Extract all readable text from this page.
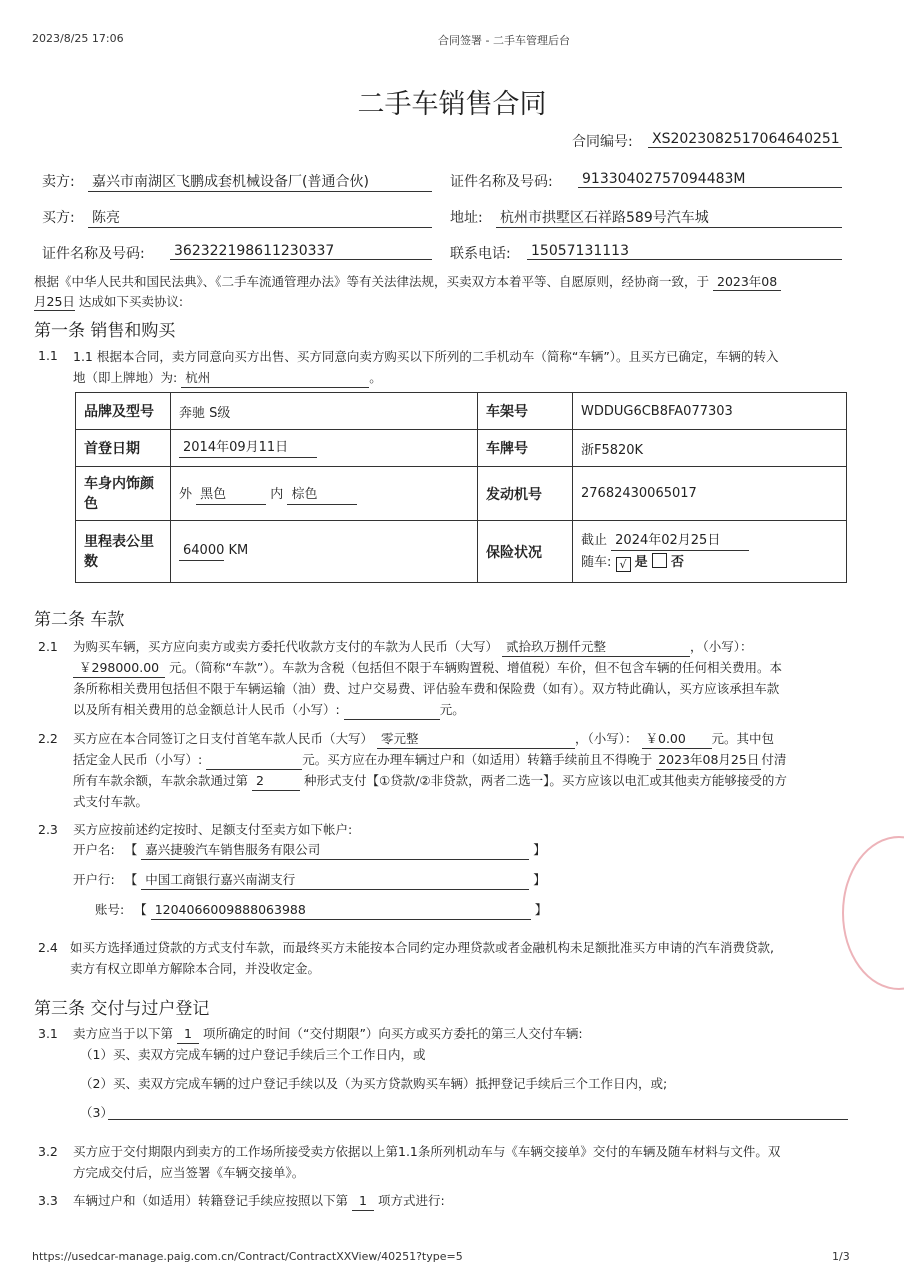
2023/8/25 17:06	合同签署 - 二手车管理后台
二手车销售合同
合同编号: XS2023082517064640251
卖方: 嘉兴市南湖区飞鹏成套机械设备厂(普通合伙)	证件名称及号码: 91330402757094483M
买方: 陈亮	地址: 杭州市拱墅区石祥路589号汽车城
证件名称及号码: 362322198611230337	联系电话: 15057131113
根据《中华人民共和国民法典》、《二手车流通管理办法》等有关法律法规，买卖双方本着平等、自愿原则，经协商一致，于 2023年08
月25日 达成如下买卖协议:
第一条 销售和购买
1.1 1.1 根据本合同，卖方同意向买方出售、买方同意向卖方购买以下所列的二手机动车（简称“车辆”）。且买方已确定，车辆的转入
地（即上牌地）为: 杭州	。
品牌及型号	奔驰 S级	车架号	WDDUG6CB8FA077303
首登日期	2014年09月11日	车牌号	浙F5820K
车身内饰颜色	外 黑色 内 棕色	发动机号	27682430065017
里程表公里数	64000 KM	保险状况	截止 2024年02月25日
随车: √ 是 否
第二条 车款
2.1 为购买车辆，买方应向卖方或卖方委托代收款方支付的车款为人民币（大写） 贰拾玖万捌仟元整	，（小写）：
￥298000.00 元。（简称“车款”）。车款为含税（包括但不限于车辆购置税、增值税）车价，但不包含车辆的任何相关费用。本
条所称相关费用包括但不限于车辆运输（油）费、过户交易费、评估验车费和保险费（如有）。双方特此确认，买方应该承担车款
以及所有相关费用的总金额总计人民币（小写）:	元。
2.2 买方应在本合同签订之日支付首笔车款人民币（大写） 零元整	，（小写）： ￥0.00 元。其中包
括定金人民币（小写）:	元。买方应在办理车辆过户和（如适用）转籍手续前且不得晚于 2023年08月25日 付清
所有车款余额，车款余款通过第 2	种形式支付【①贷款/②非贷款，两者二选一】。买方应该以电汇或其他卖方能够接受的方
式支付车款。
2.3 买方应按前述约定按时、足额支付至卖方如下帐户:
开户名: 【 嘉兴捷骏汽车销售服务有限公司	】
开户行: 【 中国工商银行嘉兴南湖支行	】
账号: 【 1204066009888063988	】
2.4 如买方选择通过贷款的方式支付车款，而最终买方未能按本合同约定办理贷款或者金融机构未足额批准买方申请的汽车消费贷款,
卖方有权立即单方解除本合同，并没收定金。
第三条 交付与过户登记
3.1 卖方应当于以下第 1 项所确定的时间（“交付期限”）向买方或买方委托的第三人交付车辆:
（1）买、卖双方完成车辆的过户登记手续后三个工作日内，或
（2）买、卖双方完成车辆的过户登记手续以及（为买方贷款购买车辆）抵押登记手续后三个工作日内，或;
（3）
3.2 买方应于交付期限内到卖方的工作场所接受卖方依据以上第1.1条所列机动车与《车辆交接单》交付的车辆及随车材料与文件。双
方完成交付后，应当签署《车辆交接单》。
3.3 车辆过户和（如适用）转籍登记手续应按照以下第 1 项方式进行:
https://usedcar-manage.paig.com.cn/Contract/ContractXXView/40251?type=5	1/3
